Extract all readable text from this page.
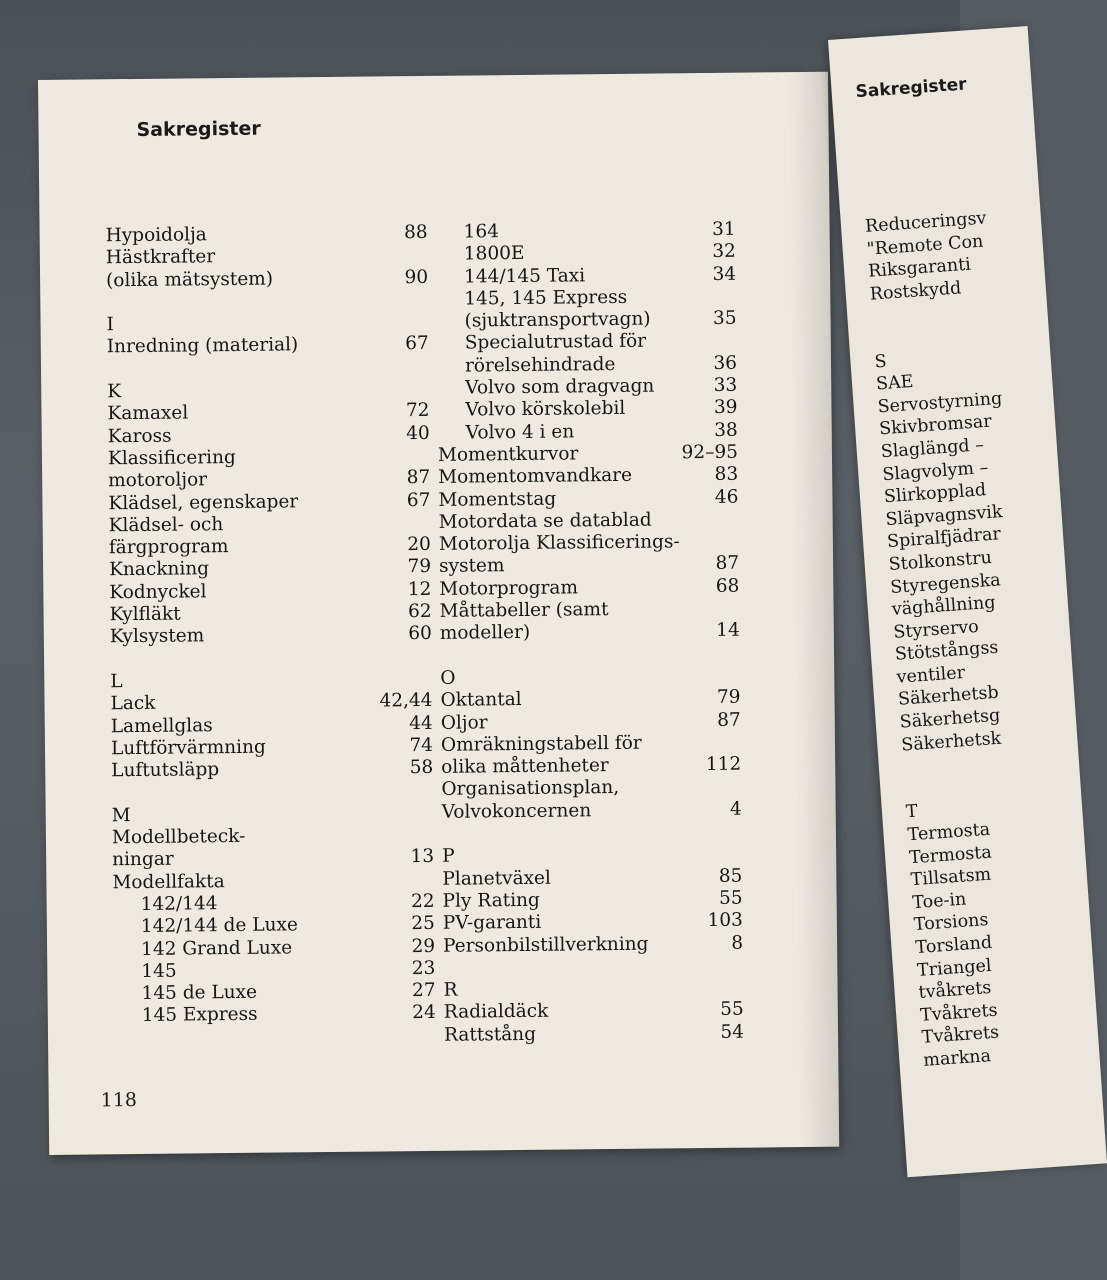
Sakregister
Hypoidolja	88
Hästkrafter
(olika mätsystem)	90
I
Inredning (material)	67
K
Kamaxel	72
Kaross	40
Klassificering
motoroljor	87
Klädsel, egenskaper	67
Klädsel- och
färgprogram	20
Knackning	79
Kodnyckel	12
Kylfläkt	62
Kylsystem	60
L
Lack	42,44
Lamellglas	44
Luftförvärmning	74
Luftutsläpp	58
M
Modellbeteck-
ningar	13
Modellfakta
142/144	22
142/144 de Luxe	25
142 Grand Luxe	29
145	23
145 de Luxe	27
145 Express	24
164	31
1800E	32
144/145 Taxi	34
145, 145 Express
(sjuktransportvagn)	35
Specialutrustad för
rörelsehindrade	36
Volvo som dragvagn	33
Volvo körskolebil	39
Volvo 4 i en	38
Momentkurvor	92–95
Momentomvandkare	83
Momentstag	46
Motordata se datablad
Motorolja Klassificerings-
system	87
Motorprogram	68
Måttabeller (samt
modeller)	14
O
Oktantal	79
Oljor	87
Omräkningstabell för
olika måttenheter	112
Organisationsplan,
Volvokoncernen	4
P
Planetväxel	85
Ply Rating	55
PV-garanti	103
Personbilstillverkning	8
R
Radialdäck	55
Rattstång	54
118
Sakregister
Reduceringsv
"Remote Con
Riksgaranti
Rostskydd
S
SAE
Servostyrning
Skivbromsar
Slaglängd –
Slagvolym –
Slirkopplad
Släpvagnsvik
Spiralfjädrar
Stolkonstru
Styregenska
väghållning
Styrservo
Stötstångss
ventiler
Säkerhetsb
Säkerhetsg
Säkerhetsk
T
Termosta
Termosta
Tillsatsm
Toe-in
Torsions
Torsland
Triangel
tvåkrets
Tvåkrets
Tvåkrets
markna
